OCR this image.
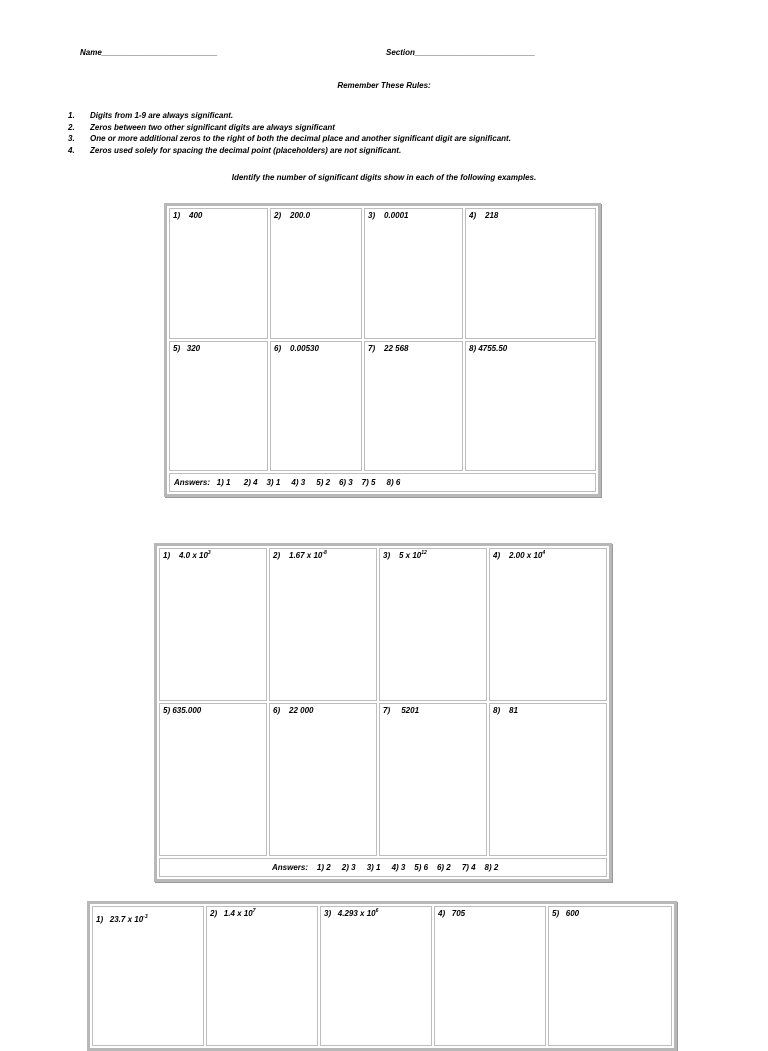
Name__________________________	Section___________________________
Remember These Rules:
1.	Digits from 1-9 are always significant.
2.	Zeros between two other significant digits are always significant
3.	One or more additional zeros to the right of both the decimal place and another significant digit are significant.
4.	Zeros used solely for spacing the decimal point (placeholders) are not significant.
Identify the number of significant digits show in each of the following examples.
1)    400	2)    200.0	3)    0.0001	4)    218
5)   320	6)    0.00530	7)    22 568	8) 4755.50
Answers:   1) 1      2) 4    3) 1     4) 3     5) 2    6) 3    7) 5     8) 6			
1)    4.0 x $10^3$	2)    1.67 x $10^{-8}$	3)    5 x $10^{12}$	4)    2.00 x $10^4$
5) 635.000	6)    22 000	7)     5201	8)    81
Answers:    1) 2     2) 3     3) 1     4) 3    5) 6    6) 2     7) 4    8) 2			
1)   23.7 x $10^{-3}$	2)   1.4 x $10^7$	3)   4.293 x $10^6$	4)   705	5)   600
